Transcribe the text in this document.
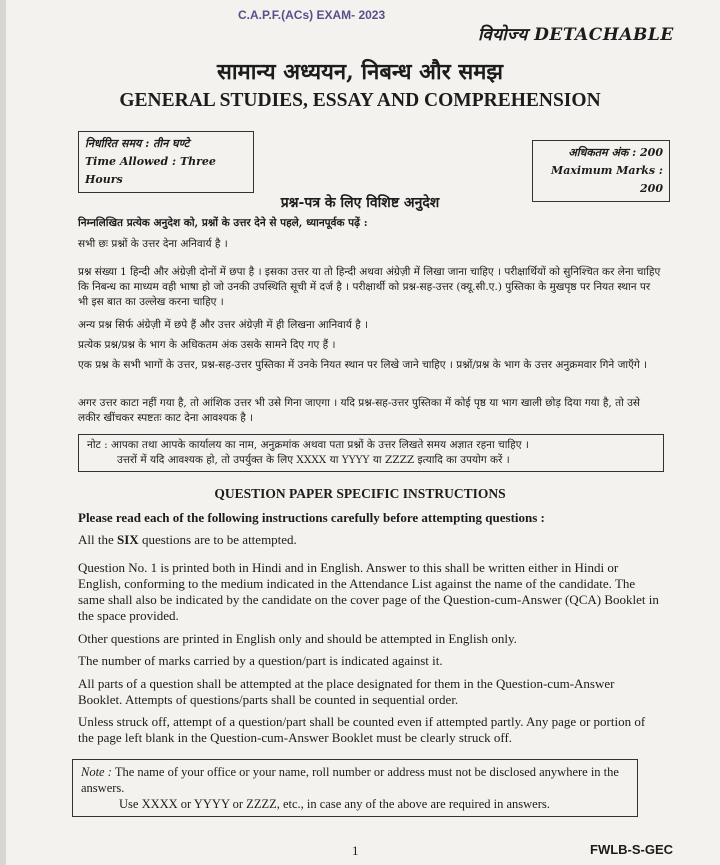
C.A.P.F.(ACs) EXAM- 2023
वियोज्य DETACHABLE
सामान्य अध्ययन, निबन्ध और समझ
GENERAL STUDIES, ESSAY AND COMPREHENSION
निर्धारित समय : तीन घण्टे
Time Allowed : Three Hours
अधिकतम अंक : 200
Maximum Marks : 200
प्रश्न-पत्र के लिए विशिष्ट अनुदेश
निम्नलिखित प्रत्येक अनुदेश को, प्रश्नों के उत्तर देने से पहले, ध्यानपूर्वक पढ़ें :
सभी छः प्रश्नों के उत्तर देना अनिवार्य है ।
प्रश्न संख्या 1 हिन्दी और अंग्रेज़ी दोनों में छपा है । इसका उत्तर या तो हिन्दी अथवा अंग्रेज़ी में लिखा जाना चाहिए । परीक्षार्थियों को सुनिश्चित कर लेना चाहिए कि निबन्ध का माध्यम वही भाषा हो जो उनकी उपस्थिति सूची में दर्ज है । परीक्षार्थी को प्रश्न-सह-उत्तर (क्यू.सी.ए.) पुस्तिका के मुखपृष्ठ पर नियत स्थान पर भी इस बात का उल्लेख करना चाहिए ।
अन्य प्रश्न सिर्फ अंग्रेज़ी में छपे हैं और उत्तर अंग्रेज़ी में ही लिखना आनिवार्य है ।
प्रत्येक प्रश्न/प्रश्न के भाग के अधिकतम अंक उसके सामने दिए गए हैं ।
एक प्रश्न के सभी भागों के उत्तर, प्रश्न-सह-उत्तर पुस्तिका में उनके नियत स्थान पर लिखे जाने चाहिए । प्रश्नों/प्रश्न के भाग के उत्तर अनुक्रमवार गिने जाएँगे ।
अगर उत्तर काटा नहीं गया है, तो आंशिक उत्तर भी उसे गिना जाएगा । यदि प्रश्न-सह-उत्तर पुस्तिका में कोई पृष्ठ या भाग खाली छोड़ दिया गया है, तो उसे लकीर खींचकर स्पष्टतः काट देना आवश्यक है ।
नोट : आपका तथा आपके कार्यालय का नाम, अनुक्रमांक अथवा पता प्रश्नों के उत्तर लिखते समय अज्ञात रहना चाहिए ।
उत्तरों में यदि आवश्यक हो, तो उपर्युक्त के लिए XXXX या YYYY या ZZZZ इत्यादि का उपयोग करें ।
QUESTION PAPER SPECIFIC INSTRUCTIONS
Please read each of the following instructions carefully before attempting questions :
All the SIX questions are to be attempted.
Question No. 1 is printed both in Hindi and in English. Answer to this shall be written either in Hindi or English, conforming to the medium indicated in the Attendance List against the name of the candidate. The same shall also be indicated by the candidate on the cover page of the Question-cum-Answer (QCA) Booklet in the space provided.
Other questions are printed in English only and should be attempted in English only.
The number of marks carried by a question/part is indicated against it.
All parts of a question shall be attempted at the place designated for them in the Question-cum-Answer Booklet. Attempts of questions/parts shall be counted in sequential order.
Unless struck off, attempt of a question/part shall be counted even if attempted partly. Any page or portion of the page left blank in the Question-cum-Answer Booklet must be clearly struck off.
Note : The name of your office or your name, roll number or address must not be disclosed anywhere in the answers.
Use XXXX or YYYY or ZZZZ, etc., in case any of the above are required in answers.
1	FWLB-S-GEC
